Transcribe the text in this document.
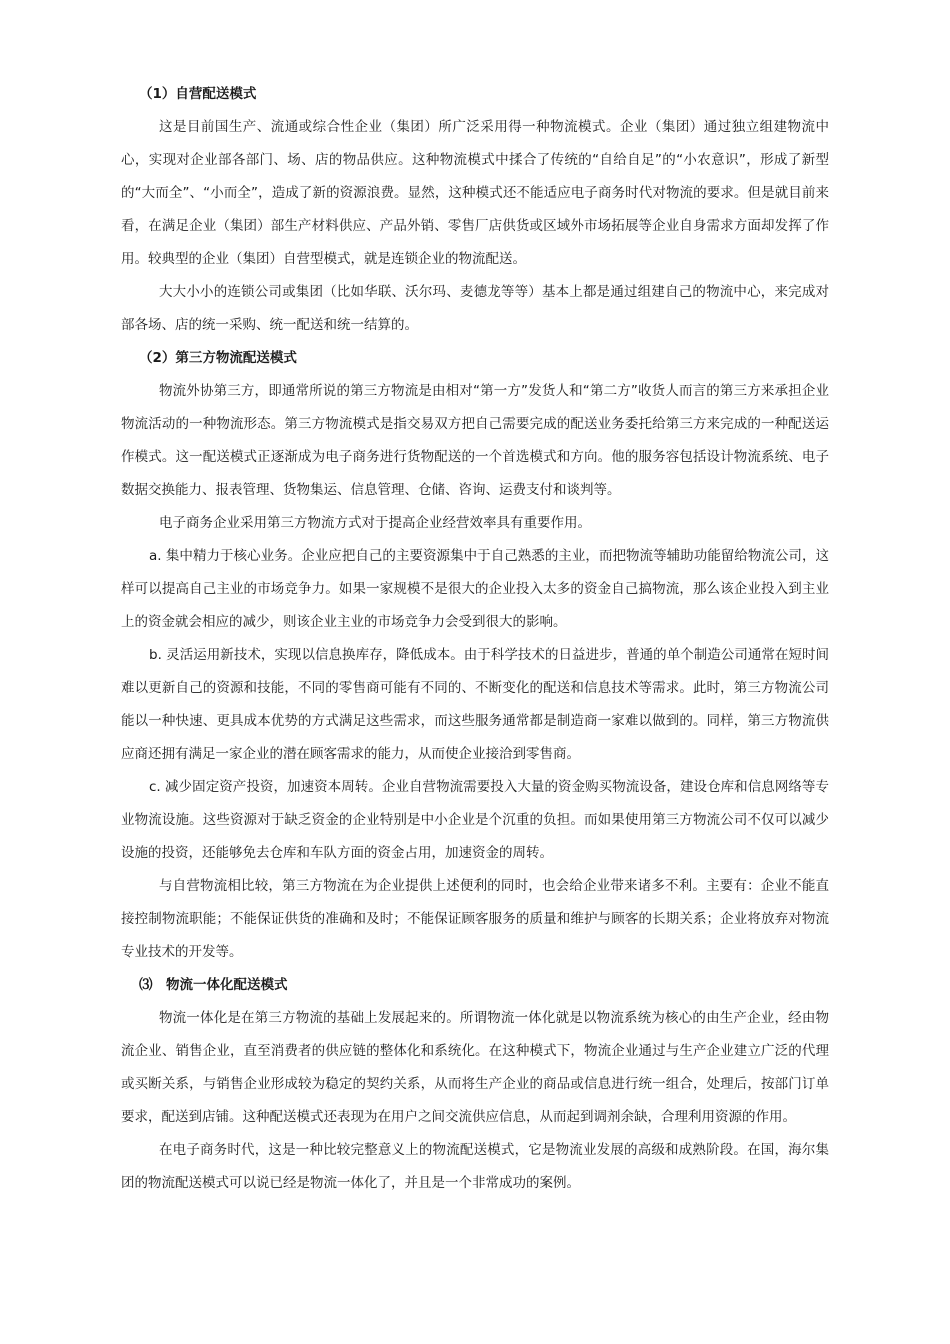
（1）自营配送模式

这是目前国生产、流通或综合性企业（集团）所广泛采用得一种物流模式。企业（集团）通过独立组建物流中心，实现对企业部各部门、场、店的物品供应。这种物流模式中揉合了传统的“自给自足”的“小农意识”，形成了新型的“大而全”、“小而全”，造成了新的资源浪费。显然，这种模式还不能适应电子商务时代对物流的要求。但是就目前来看，在满足企业（集团）部生产材料供应、产品外销、零售厂店供货或区域外市场拓展等企业自身需求方面却发挥了作用。较典型的企业（集团）自营型模式，就是连锁企业的物流配送。

大大小小的连锁公司或集团（比如华联、沃尔玛、麦德龙等等）基本上都是通过组建自己的物流中心，来完成对部各场、店的统一采购、统一配送和统一结算的。

（2）第三方物流配送模式

物流外协第三方，即通常所说的第三方物流是由相对“第一方”发货人和“第二方”收货人而言的第三方来承担企业物流活动的一种物流形态。第三方物流模式是指交易双方把自己需要完成的配送业务委托给第三方来完成的一种配送运作模式。这一配送模式正逐渐成为电子商务进行货物配送的一个首选模式和方向。他的服务容包括设计物流系统、电子数据交换能力、报表管理、货物集运、信息管理、仓储、咨询、运费支付和谈判等。

电子商务企业采用第三方物流方式对于提高企业经营效率具有重要作用。

a. 集中精力于核心业务。企业应把自己的主要资源集中于自己熟悉的主业，而把物流等辅助功能留给物流公司，这样可以提高自己主业的市场竞争力。如果一家规模不是很大的企业投入太多的资金自己搞物流，那么该企业投入到主业上的资金就会相应的减少，则该企业主业的市场竞争力会受到很大的影响。

b. 灵活运用新技术，实现以信息换库存，降低成本。由于科学技术的日益进步，普通的单个制造公司通常在短时间难以更新自己的资源和技能，不同的零售商可能有不同的、不断变化的配送和信息技术等需求。此时，第三方物流公司能以一种快速、更具成本优势的方式满足这些需求，而这些服务通常都是制造商一家难以做到的。同样，第三方物流供应商还拥有满足一家企业的潜在顾客需求的能力，从而使企业接洽到零售商。

c. 减少固定资产投资，加速资本周转。企业自营物流需要投入大量的资金购买物流设备，建设仓库和信息网络等专业物流设施。这些资源对于缺乏资金的企业特别是中小企业是个沉重的负担。而如果使用第三方物流公司不仅可以减少设施的投资，还能够免去仓库和车队方面的资金占用，加速资金的周转。

与自营物流相比较，第三方物流在为企业提供上述便利的同时，也会给企业带来诸多不利。主要有：企业不能直接控制物流职能；不能保证供货的准确和及时；不能保证顾客服务的质量和维护与顾客的长期关系；企业将放弃对物流专业技术的开发等。

⑶　物流一体化配送模式

物流一体化是在第三方物流的基础上发展起来的。所谓物流一体化就是以物流系统为核心的由生产企业，经由物流企业、销售企业，直至消费者的供应链的整体化和系统化。在这种模式下，物流企业通过与生产企业建立广泛的代理或买断关系，与销售企业形成较为稳定的契约关系，从而将生产企业的商品或信息进行统一组合，处理后，按部门订单要求，配送到店铺。这种配送模式还表现为在用户之间交流供应信息，从而起到调剂余缺，合理利用资源的作用。

在电子商务时代，这是一种比较完整意义上的物流配送模式，它是物流业发展的高级和成熟阶段。在国，海尔集团的物流配送模式可以说已经是物流一体化了，并且是一个非常成功的案例。
